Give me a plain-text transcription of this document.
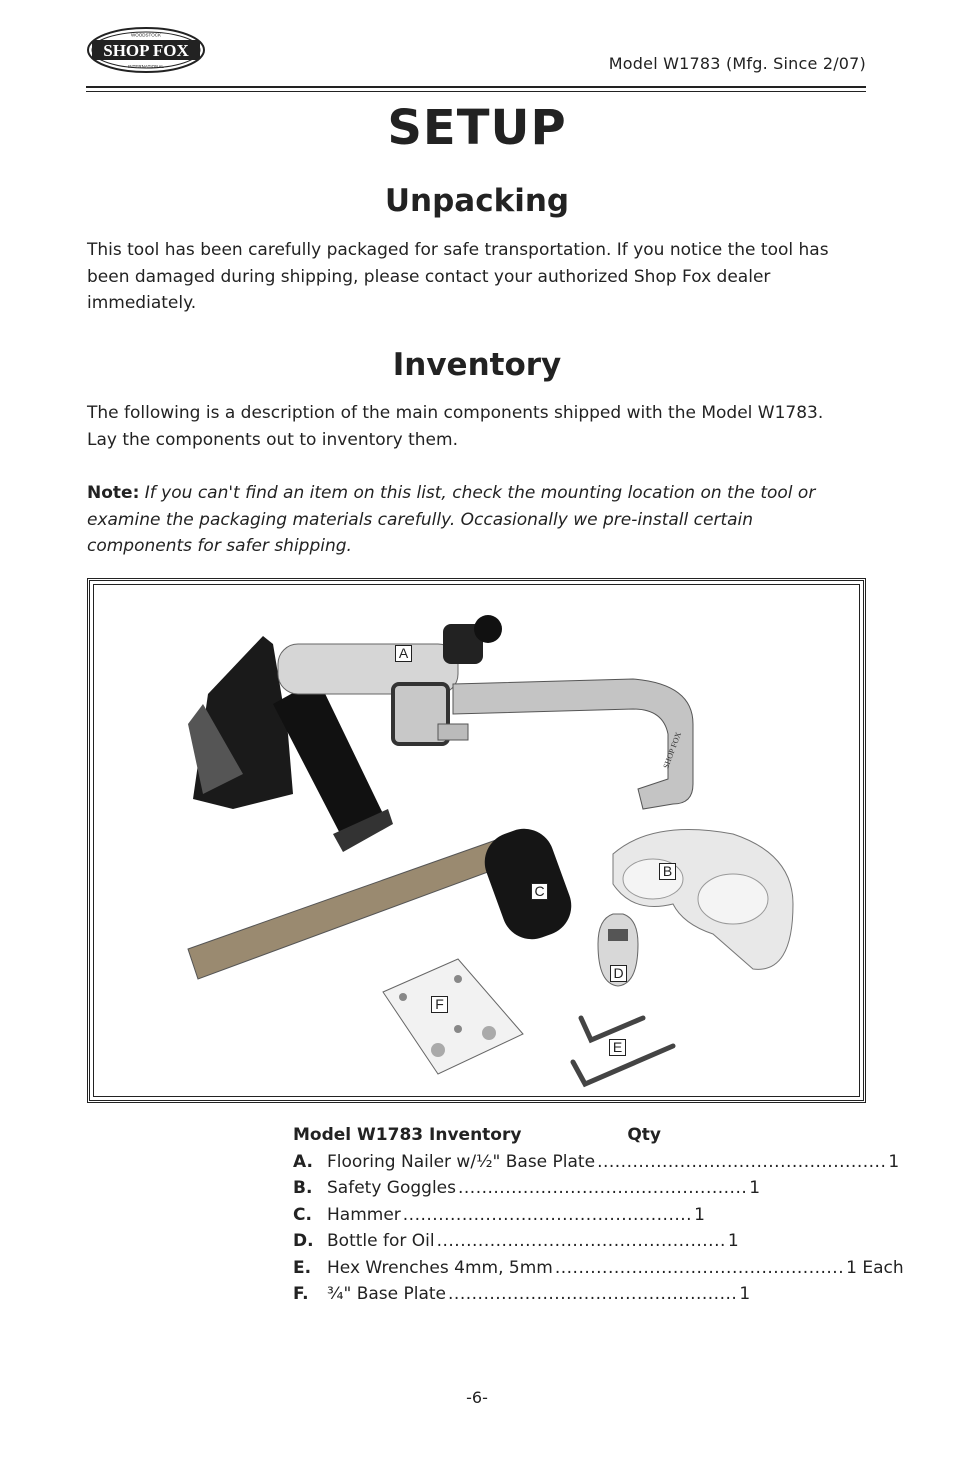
SHOP FOX
WOODSTOCK
INTERNATIONAL	Model W1783 (Mfg. Since 2/07)
SETUP
Unpacking
This tool has been carefully packaged for safe transportation. If you notice the tool has been damaged during shipping, please contact your authorized Shop Fox dealer immediately.
Inventory
The following is a description of the main components shipped with the Model W1783. Lay the components out to inventory them.
Note: If you can't find an item on this list, check the mounting location on the tool or examine the packaging materials carefully. Occasionally we pre-install certain components for safer shipping.
SHOP FOX
A
B
C
D
E
F
Model W1783 Inventory	Qty
A. Flooring Nailer w/¹⁄₂" Base Plate ................................................. 1
B. Safety Goggles ................................................. 1
C. Hammer ................................................. 1
D. Bottle for Oil ................................................. 1
E. Hex Wrenches 4mm, 5mm ................................................. 1 Each
F.	³⁄₄" Base Plate ................................................. 1
-6-
